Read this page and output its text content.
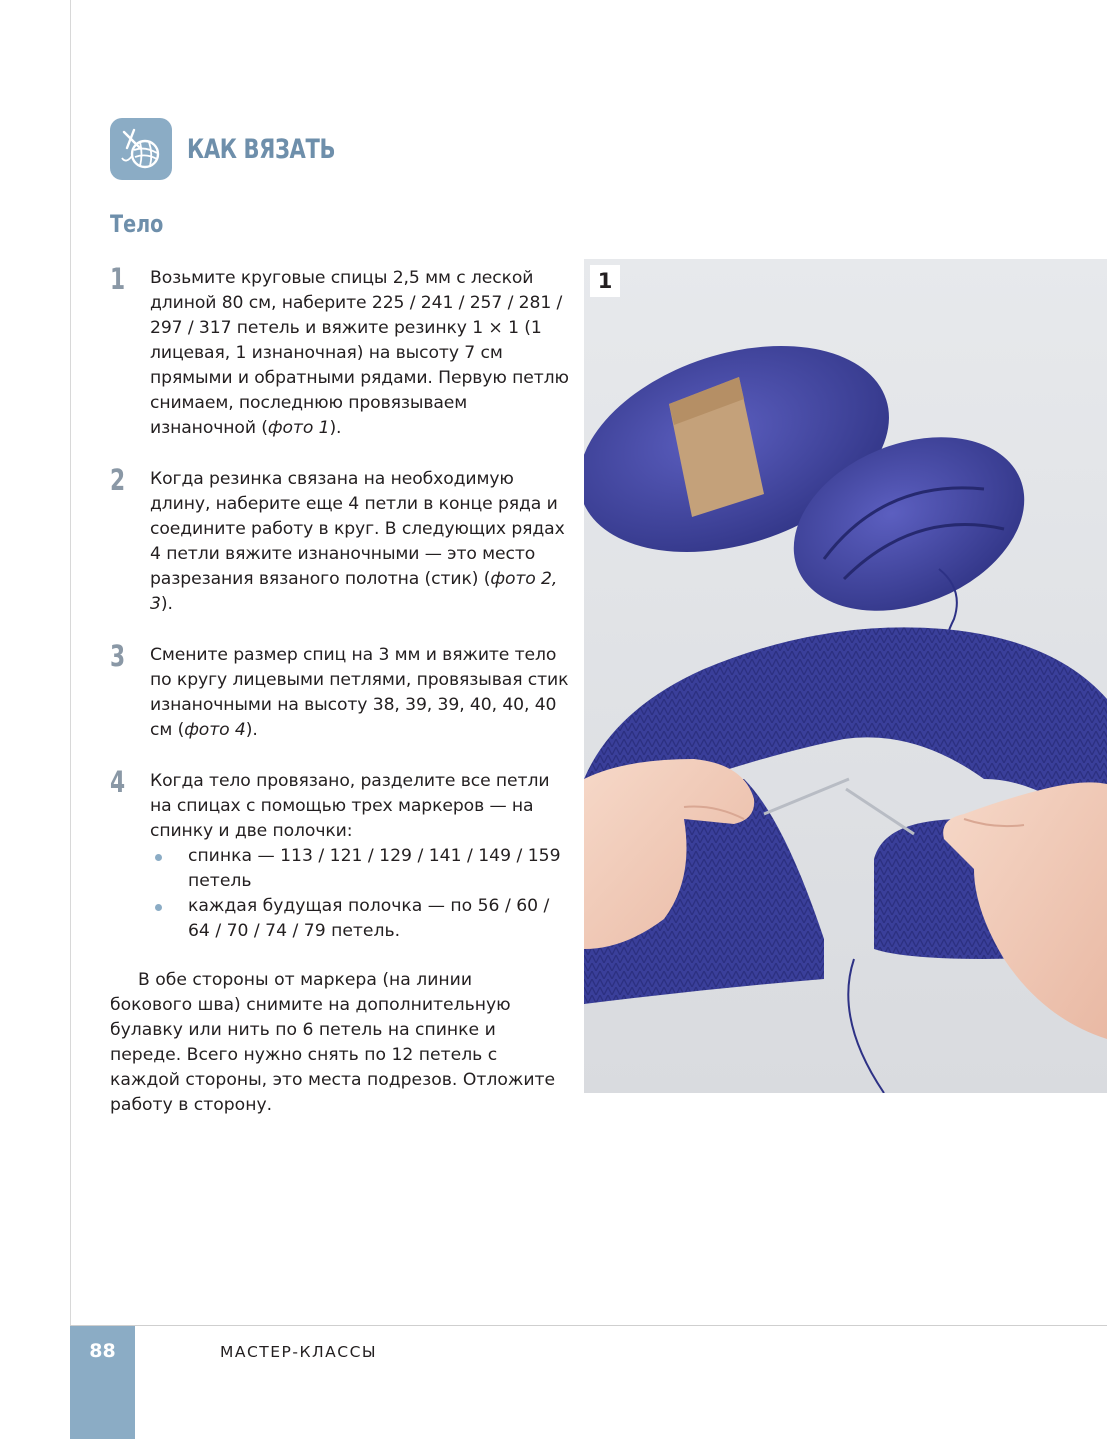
КАК ВЯЗАТЬ
Тело
1 Возьмите круговые спицы 2,5 мм с леской длиной 80 см, наберите 225 / 241 / 257 / 281 / 297 / 317 петель и вяжите резинку 1 × 1 (1 лицевая, 1 изнаночная) на высоту 7 см прямыми и обратными рядами. Первую петлю снимаем, последнюю провязываем изнаночной (фото 1).
2 Когда резинка связана на необходимую длину, наберите еще 4 петли в конце ряда и соедините работу в круг. В следующих рядах 4 петли вяжите изнаночными — это место разрезания вязаного полотна (стик) (фото 2, 3).
3 Смените размер спиц на 3 мм и вяжите тело по кругу лицевыми петлями, провязывая стик изнаночными на высоту 38, 39, 39, 40, 40, 40 см (фото 4).
4 Когда тело провязано, разделите все петли на спицах с помощью трех маркеров — на спинку и две полочки:
спинка — 113 / 121 / 129 / 141 / 149 / 159 петель
каждая будущая полочка — по 56 / 60 / 64 / 70 / 74 / 79 петель.
В обе стороны от маркера (на линии бокового шва) снимите на дополнительную булавку или нить по 6 петель на спинке и переде. Всего нужно снять по 12 петель с каждой стороны, это места подрезов. Отложите работу в сторону.
1
88	МАСТЕР-КЛАССЫ
